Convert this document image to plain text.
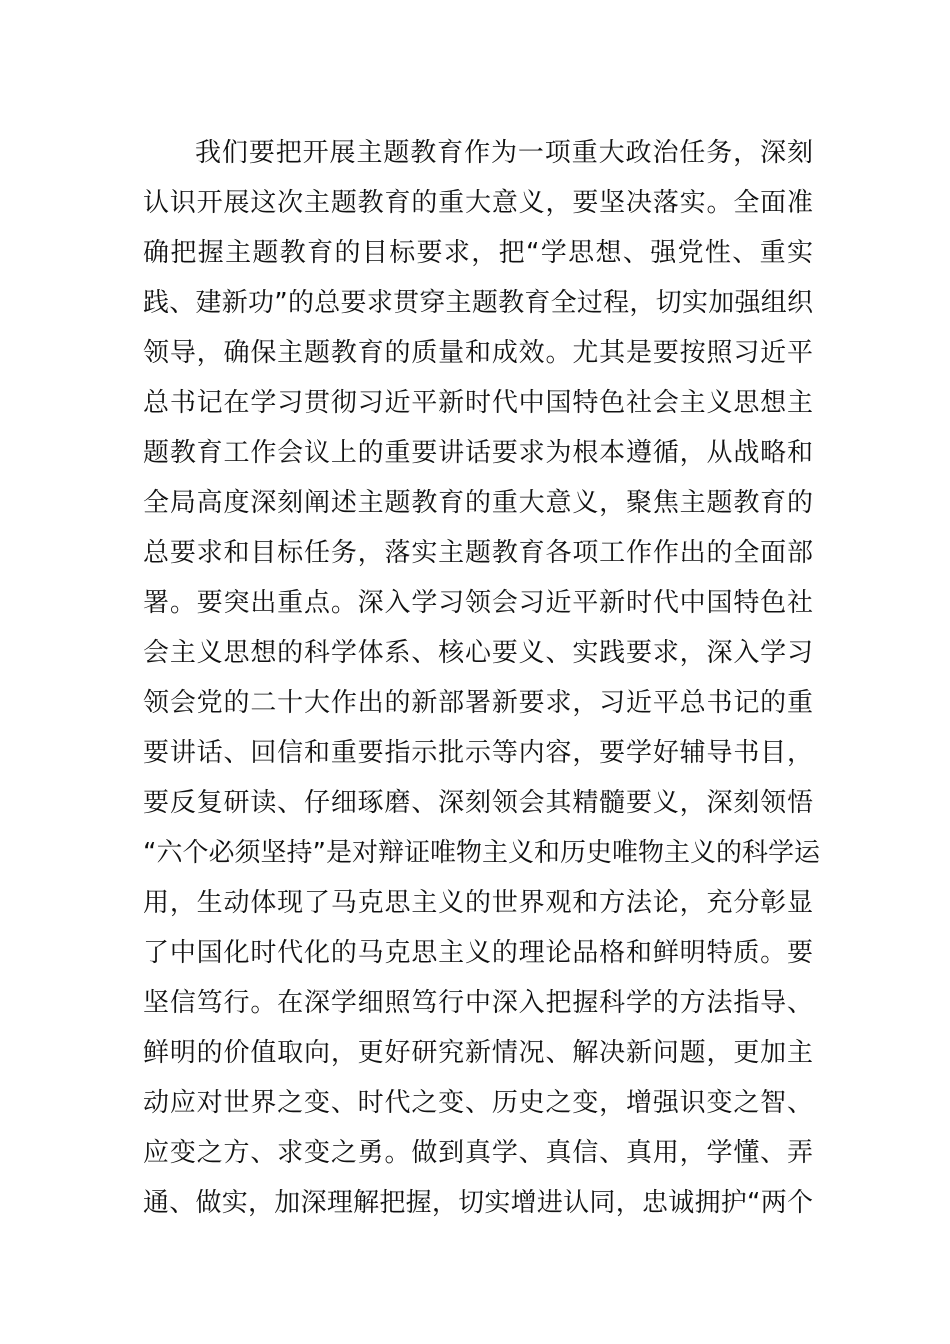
我们要把开展主题教育作为一项重大政治任务，深刻
认识开展这次主题教育的重大意义，要坚决落实。全面准
确把握主题教育的目标要求，把“学思想、强党性、重实
践、建新功”的总要求贯穿主题教育全过程，切实加强组织
领导，确保主题教育的质量和成效。尤其是要按照习近平
总书记在学习贯彻习近平新时代中国特色社会主义思想主
题教育工作会议上的重要讲话要求为根本遵循，从战略和
全局高度深刻阐述主题教育的重大意义，聚焦主题教育的
总要求和目标任务，落实主题教育各项工作作出的全面部
署。要突出重点。深入学习领会习近平新时代中国特色社
会主义思想的科学体系、核心要义、实践要求，深入学习
领会党的二十大作出的新部署新要求，习近平总书记的重
要讲话、回信和重要指示批示等内容，要学好辅导书目，
要反复研读、仔细琢磨、深刻领会其精髓要义，深刻领悟
“六个必须坚持”是对辩证唯物主义和历史唯物主义的科学运
用，生动体现了马克思主义的世界观和方法论，充分彰显
了中国化时代化的马克思主义的理论品格和鲜明特质。要
坚信笃行。在深学细照笃行中深入把握科学的方法指导、
鲜明的价值取向，更好研究新情况、解决新问题，更加主
动应对世界之变、时代之变、历史之变，增强识变之智、
应变之方、求变之勇。做到真学、真信、真用，学懂、弄
通、做实，加深理解把握，切实增进认同，忠诚拥护“两个
